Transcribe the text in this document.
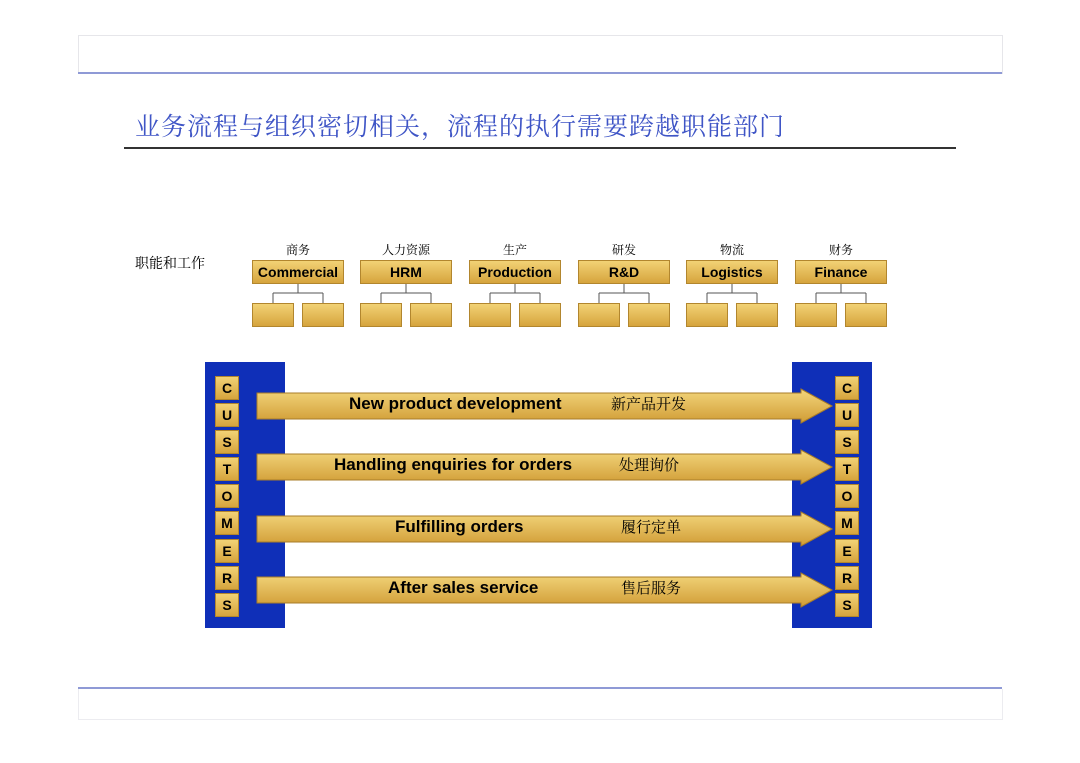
业务流程与组织密切相关，流程的执行需要跨越职能部门
职能和工作
商务
Commercial
人力资源
HRM
生产
Production
研发
R&D
物流
Logistics
财务
Finance
C
U
S
T
O
M
E
R
S
C
U
S
T
O
M
E
R
S
New product development	新产品开发
Handling enquiries for orders	处理询价
Fulfilling orders	履行定单
After sales service	售后服务
